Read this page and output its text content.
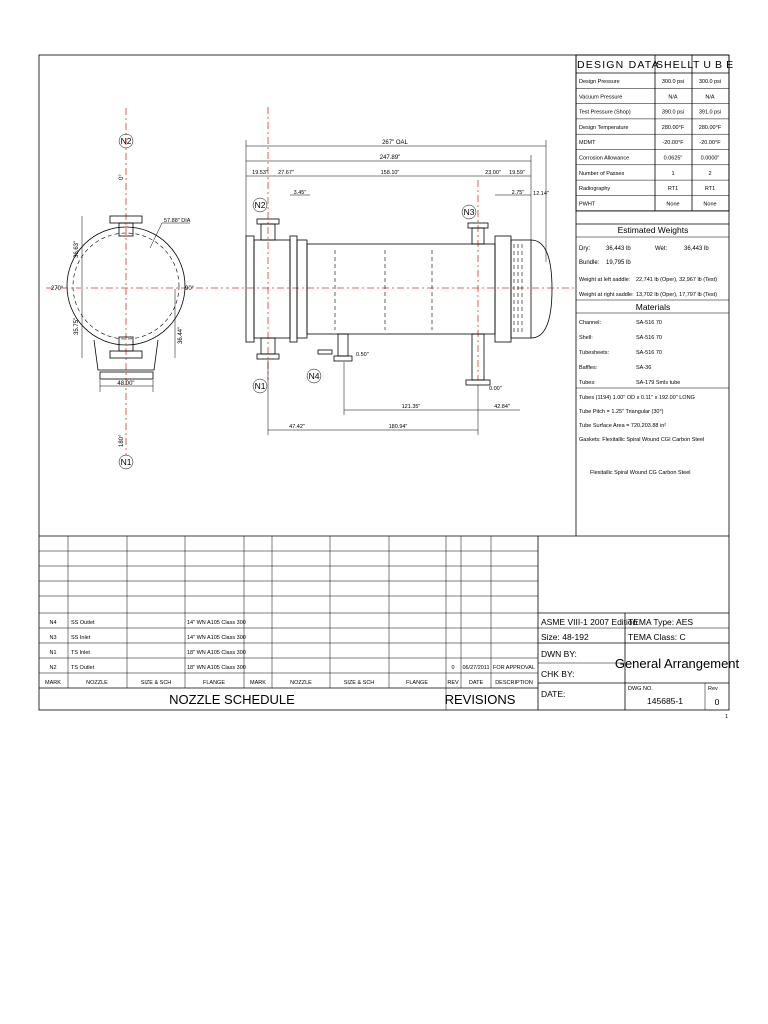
DESIGN DATA
SHELL
T U B E
Design Pressure	300.0 psi	300.0 psi
Vacuum Pressure	N/A	N/A
Test Pressure (Shop)	390.0 psi	391.0 psi
Design Temperature	280.00°F	280.00°F
MDMT	-20.00°F	-20.00°F
Corrosion Allowance	0.0625"	0.0000"
Number of Passes	1	2
Radiography	RT1	RT1
PWHT	None	None
Estimated Weights
Dry:	36,443 lb	Wet:	36,443 lb
Bundle: 19,795 lb
Weight at left saddle: 22,741 lb (Oper), 32,967 lb (Test)
Weight at right saddle: 13,702 lb (Oper), 17,797 lb (Test)
Materials
Channel:	SA-516 70
Shell:	SA-516 70
Tubesheets:	SA-516 70
Baffles:	SA-36
Tubes:	SA-179 Smls tube
Tubes (1194) 1.00" OD x 0.11" x 192.00" LONG
Tube Pitch = 1.25" Triangular (30°)
Tube Surface Area = 720,203.88 in²
Gaskets: Flexitallic Spiral Wound CGI Carbon Steel
Flexitallic Spiral Wound CG Carbon Steel
48.00"
36.63"
35.75"
36.44"
57.88" DIA
N2
0°
270°	90°
180°
N1
267" OAL
247.89"
19.53" 27.67"	158.10"	23.00" 19.59"
3.45"	2.75" 12.14"
N2
N3
N1
N4
0.50"
0.00"
121.35"	42.84"
47.42"	180.94"
N4	SS Outlet	14" WN A105 Class 300
N3	SS Inlet	14" WN A105 Class 300
N1	TS Inlet	18" WN A105 Class 300
N2	TS Outlet	18" WN A105 Class 300
MARK	NOZZLE	SIZE & SCH	FLANGE	MARK	NOZZLE	SIZE & SCH	FLANGE
NOZZLE SCHEDULE
REV DATE DESCRIPTION
0 06/27/2011 FOR APPROVAL
REVISIONS
ASME VIII-1 2007 Edition
TEMA Type: AES
Size: 48-192	TEMA Class: C
DWN BY:
CHK BY:
DATE:
General Arrangement
DWG NO.
145685-1
Rev
0
1
